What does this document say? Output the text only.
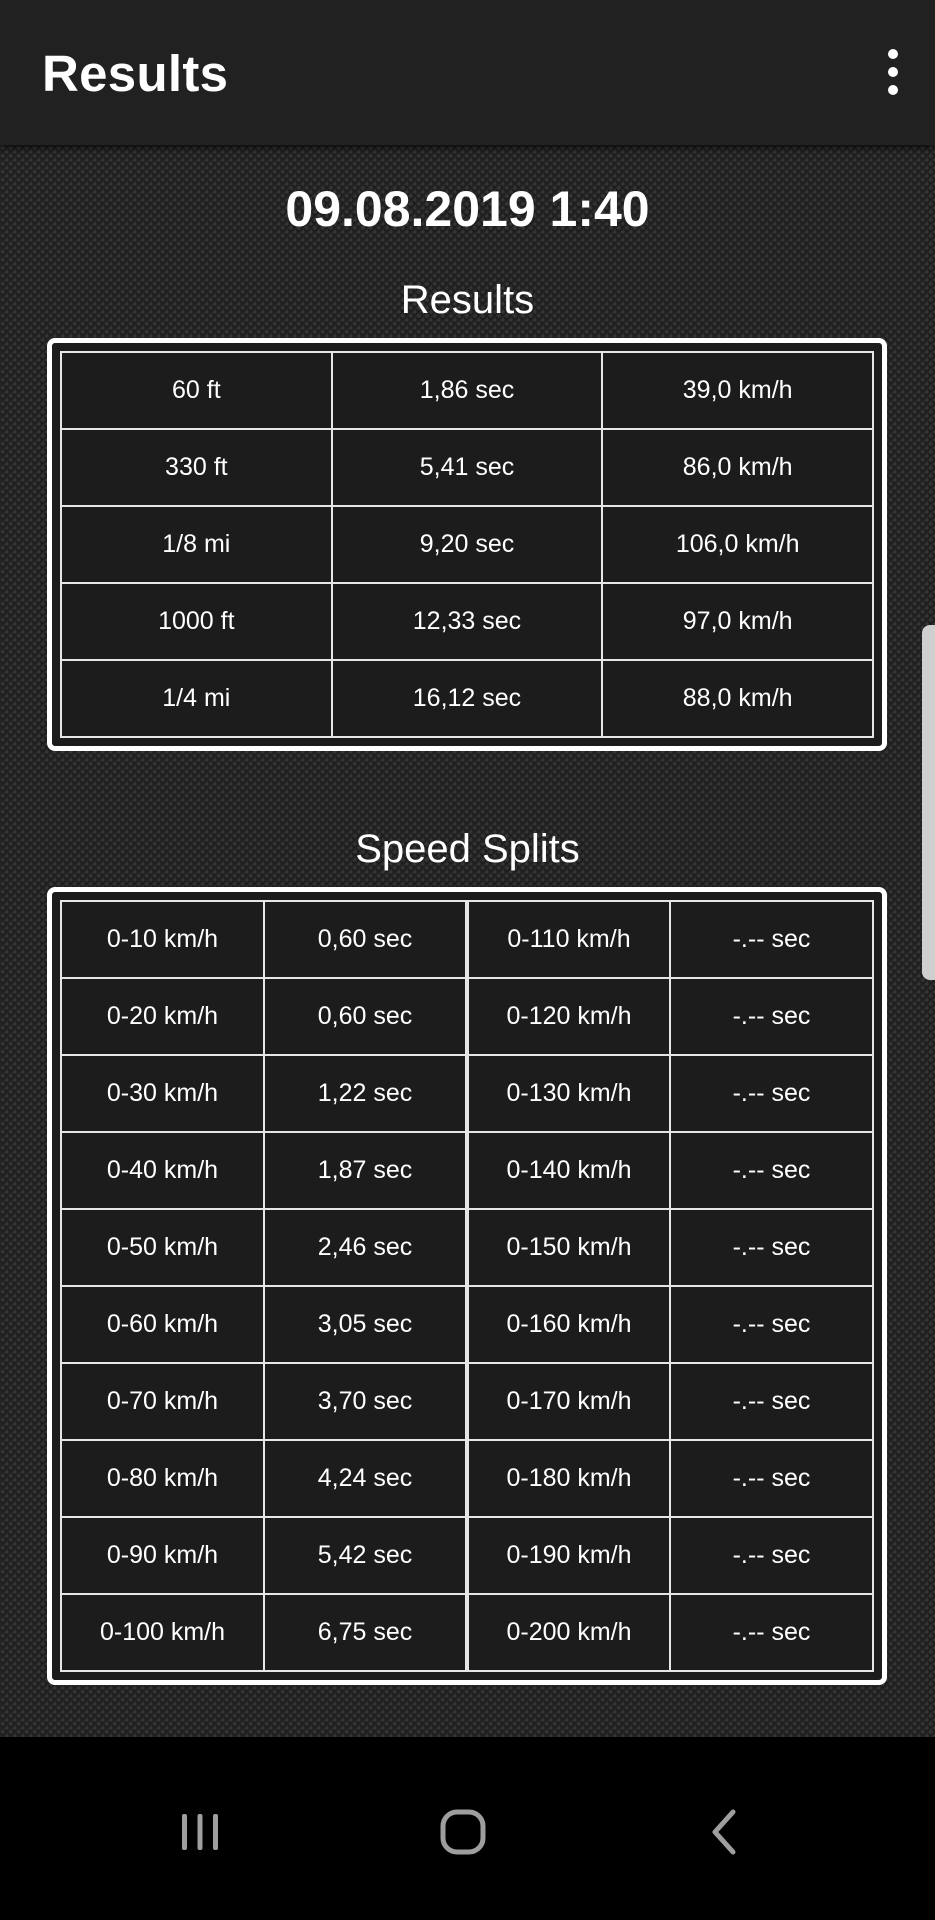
Results
09.08.2019 1:40
Results
60 ft	1,86 sec	39,0 km/h
330 ft	5,41 sec	86,0 km/h
1/8 mi	9,20 sec	106,0 km/h
1000 ft	12,33 sec	97,0 km/h
1/4 mi	16,12 sec	88,0 km/h
Speed Splits
0-10 km/h	0,60 sec	0-110 km/h	-.-- sec
0-20 km/h	0,60 sec	0-120 km/h	-.-- sec
0-30 km/h	1,22 sec	0-130 km/h	-.-- sec
0-40 km/h	1,87 sec	0-140 km/h	-.-- sec
0-50 km/h	2,46 sec	0-150 km/h	-.-- sec
0-60 km/h	3,05 sec	0-160 km/h	-.-- sec
0-70 km/h	3,70 sec	0-170 km/h	-.-- sec
0-80 km/h	4,24 sec	0-180 km/h	-.-- sec
0-90 km/h	5,42 sec	0-190 km/h	-.-- sec
0-100 km/h	6,75 sec	0-200 km/h	-.-- sec
